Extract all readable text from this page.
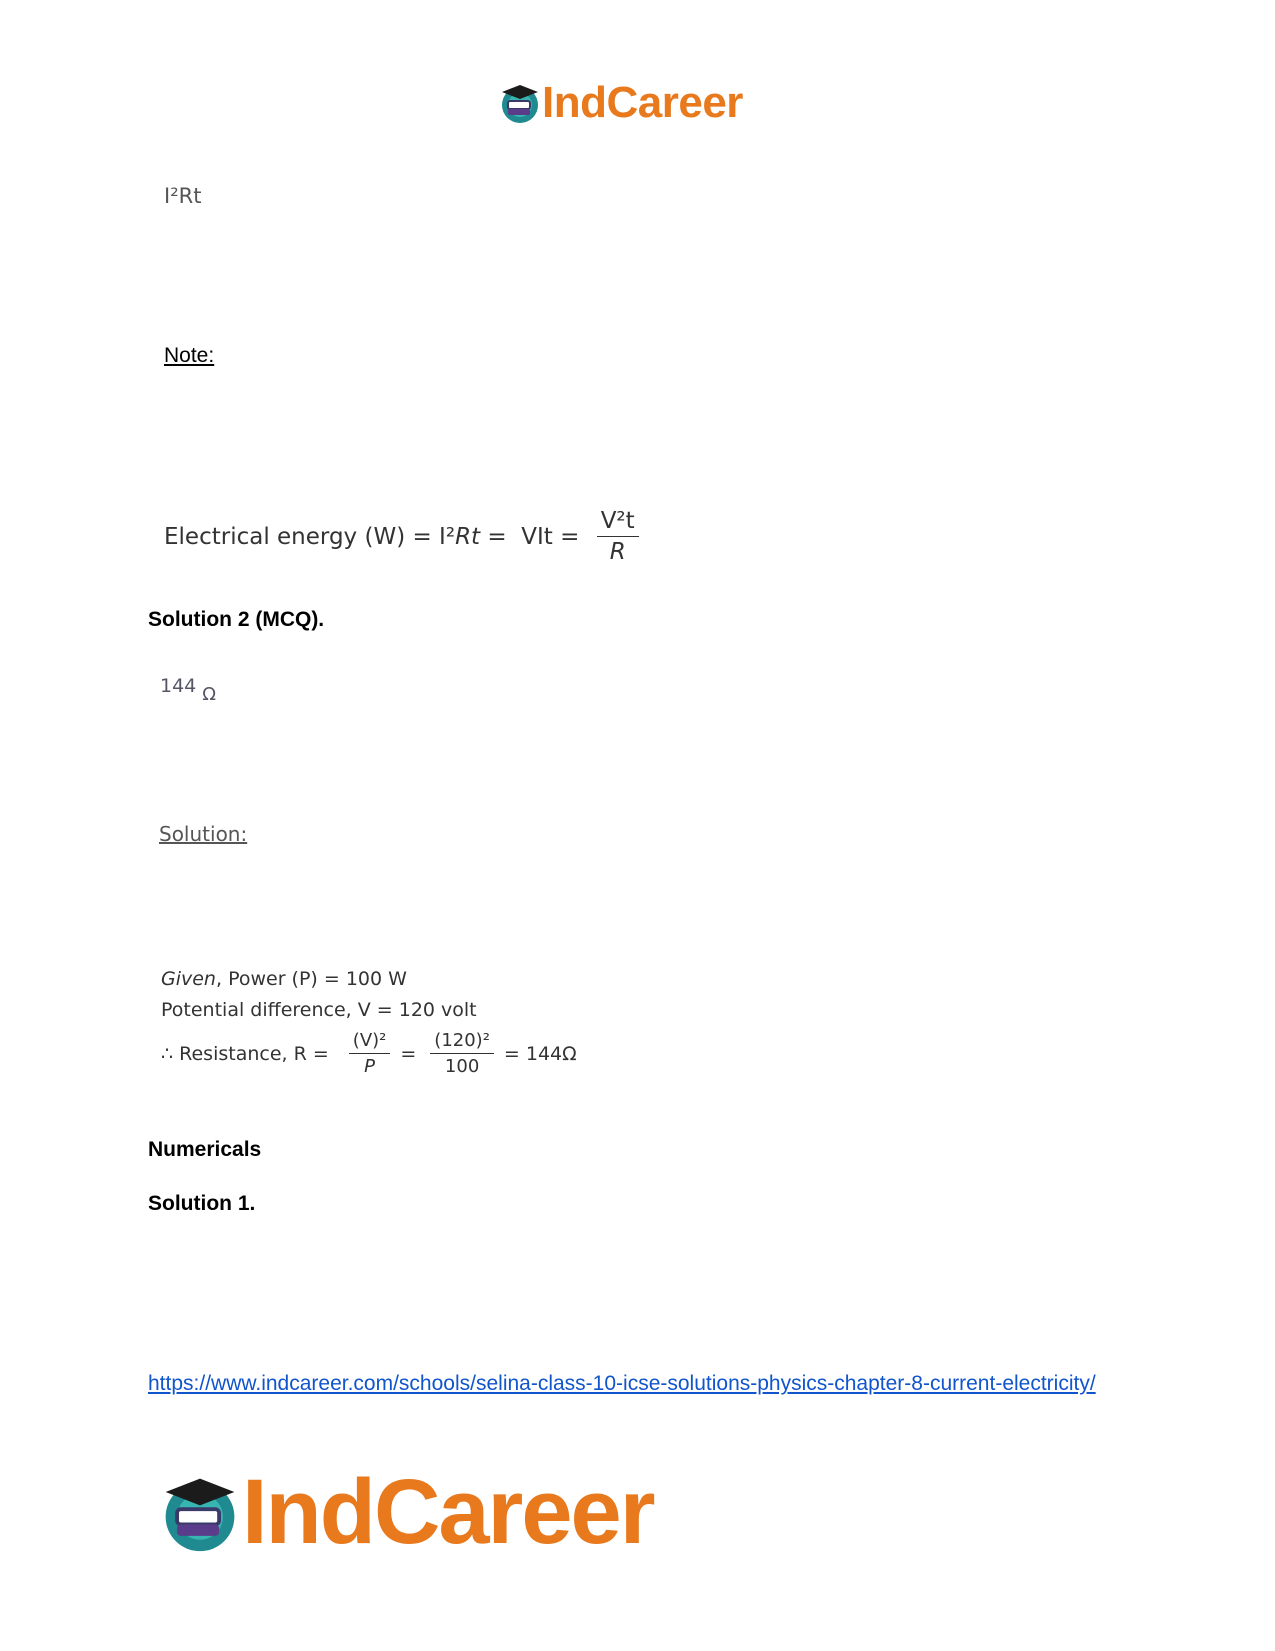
IndCareer
I²Rt
Note:
Electrical energy (W) = I² Rt =  VIt = $\frac{\text{V²t}}{R}$
Solution 2 (MCQ).
144 Ω
Solution:
Given, Power (P) = 100 W
Potential difference, V = 120 volt
∴ Resistance, $R = \frac{\text{(V)²}}{P} = \frac{\text{(120)²}}{100} = 144\Omega$
Numericals
Solution 1.
https://www.indcareer.com/schools/selina-class-10-icse-solutions-physics-chapter-8-current-electricity/
IndCareer
